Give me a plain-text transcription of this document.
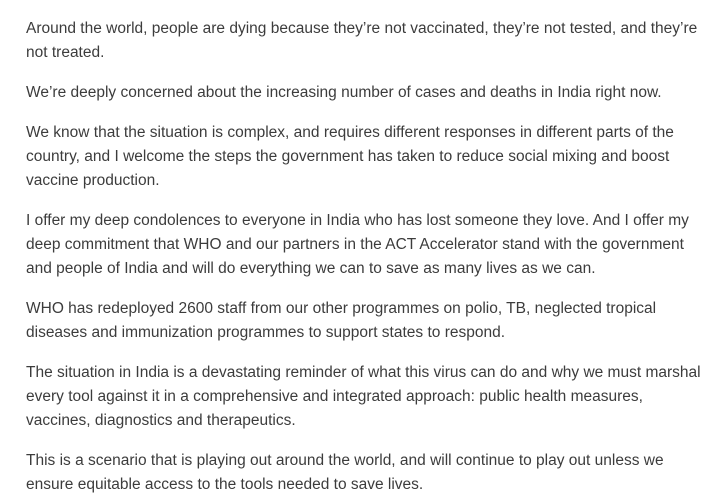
Around the world, people are dying because they’re not vaccinated, they’re not tested, and they’re not treated.

We’re deeply concerned about the increasing number of cases and deaths in India right now.

We know that the situation is complex, and requires different responses in different parts of the country, and I welcome the steps the government has taken to reduce social mixing and boost vaccine production.

I offer my deep condolences to everyone in India who has lost someone they love. And I offer my deep commitment that WHO and our partners in the ACT Accelerator stand with the government and people of India and will do everything we can to save as many lives as we can.

WHO has redeployed 2600 staff from our other programmes on polio, TB, neglected tropical diseases and immunization programmes to support states to respond.

The situation in India is a devastating reminder of what this virus can do and why we must marshal every tool against it in a comprehensive and integrated approach: public health measures, vaccines, diagnostics and therapeutics.

This is a scenario that is playing out around the world, and will continue to play out unless we ensure equitable access to the tools needed to save lives.
